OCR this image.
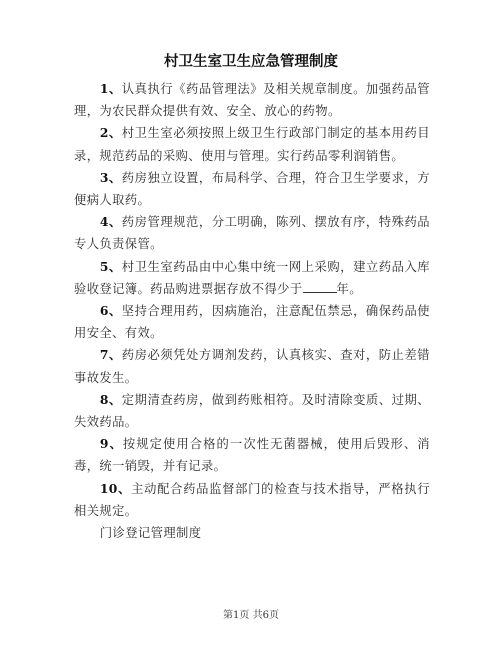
村卫生室卫生应急管理制度

1、认真执行《药品管理法》及相关规章制度。加强药品管理，为农民群众提供有效、安全、放心的药物。

2、村卫生室必须按照上级卫生行政部门制定的基本用药目录，规范药品的采购、使用与管理。实行药品零利润销售。

3、药房独立设置，布局科学、合理，符合卫生学要求，方便病人取药。

4、药房管理规范，分工明确，陈列、摆放有序，特殊药品专人负责保管。

5、村卫生室药品由中心集中统一网上采购，建立药品入库验收登记簿。药品购进票据存放不得少于	年。

6、坚持合理用药，因病施治，注意配伍禁忌，确保药品使用安全、有效。

7、药房必须凭处方调剂发药，认真核实、查对，防止差错事故发生。

8、定期清查药房，做到药账相符。及时清除变质、过期、失效药品。

9、按规定使用合格的一次性无菌器械，使用后毁形、消毒，统一销毁，并有记录。

10、主动配合药品监督部门的检查与技术指导，严格执行相关规定。

门诊登记管理制度

第1页 共6页
